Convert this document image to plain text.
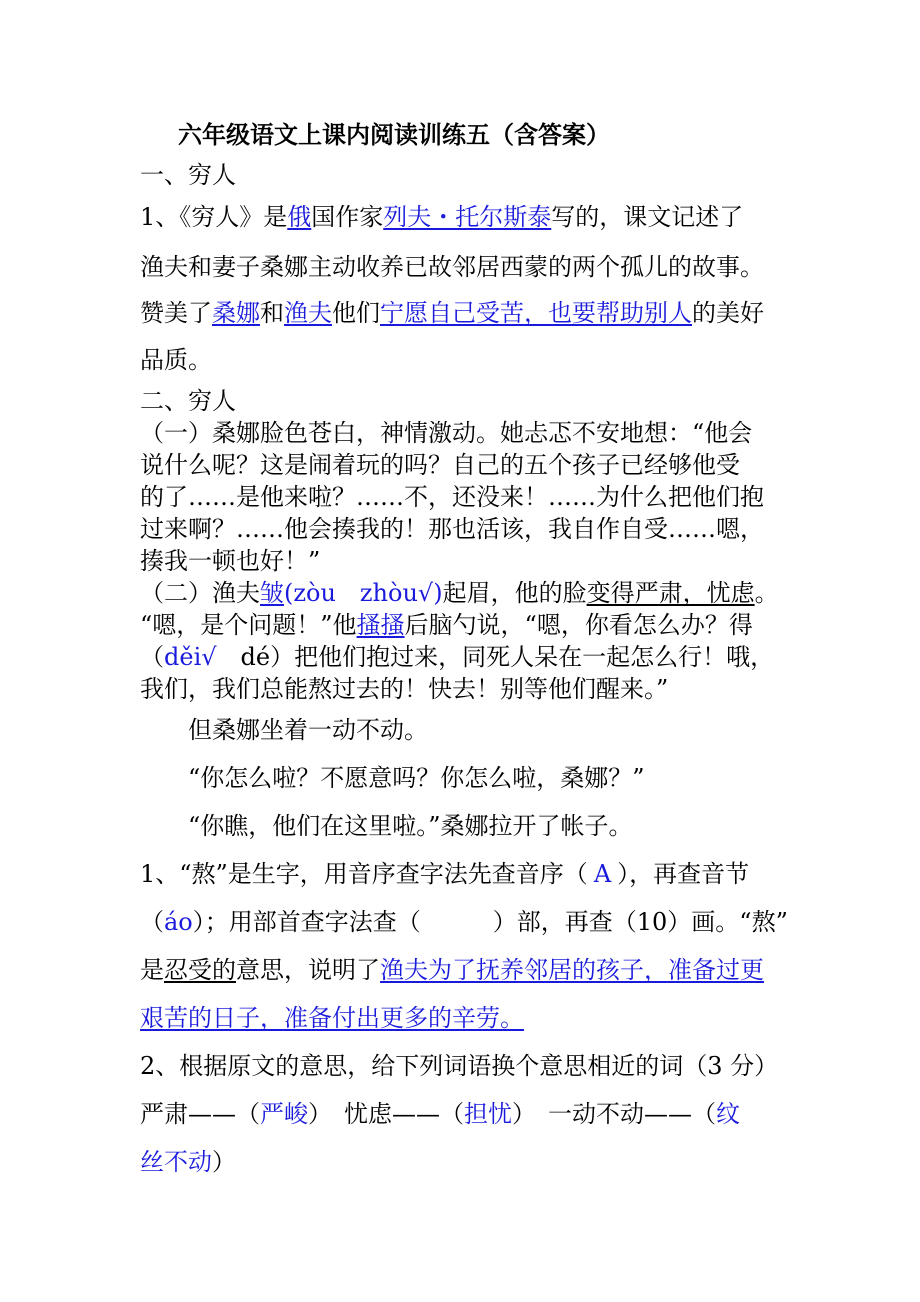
六年级语文上课内阅读训练五（含答案）
一、穷人
1、《穷人》是俄国作家列夫・托尔斯泰写的，课文记述了
渔夫和妻子桑娜主动收养已故邻居西蒙的两个孤儿的故事。
赞美了桑娜和渔夫他们宁愿自己受苦，也要帮助别人的美好
品质。
二、穷人
（一）桑娜脸色苍白，神情激动。她忐忑不安地想：“他会
说什么呢？这是闹着玩的吗？自己的五个孩子已经够他受
的了……是他来啦？……不，还没来！……为什么把他们抱
过来啊？……他会揍我的！那也活该，我自作自受……嗯，
揍我一顿也好！”
（二）渔夫皱(zòu　zhòu√)起眉，他的脸变得严肃，忧虑。
“嗯，是个问题！”他搔搔后脑勺说，“嗯，你看怎么办？得
（děi√　dé）把他们抱过来，同死人呆在一起怎么行！哦，
我们，我们总能熬过去的！快去！别等他们醒来。”
但桑娜坐着一动不动。
“你怎么啦？不愿意吗？你怎么啦，桑娜？”
“你瞧，他们在这里啦。”桑娜拉开了帐子。
1、“熬”是生字，用音序查字法先查音序（ A ），再查音节
（áo）；用部首查字法查（　　　）部，再查（10）画。“熬”
是忍受的意思，说明了渔夫为了抚养邻居的孩子，准备过更
艰苦的日子，准备付出更多的辛劳。
2、根据原文的意思，给下列词语换个意思相近的词（3 分）
严肃——（严峻）　忧虑——（担忧）　一动不动——（纹
丝不动）
